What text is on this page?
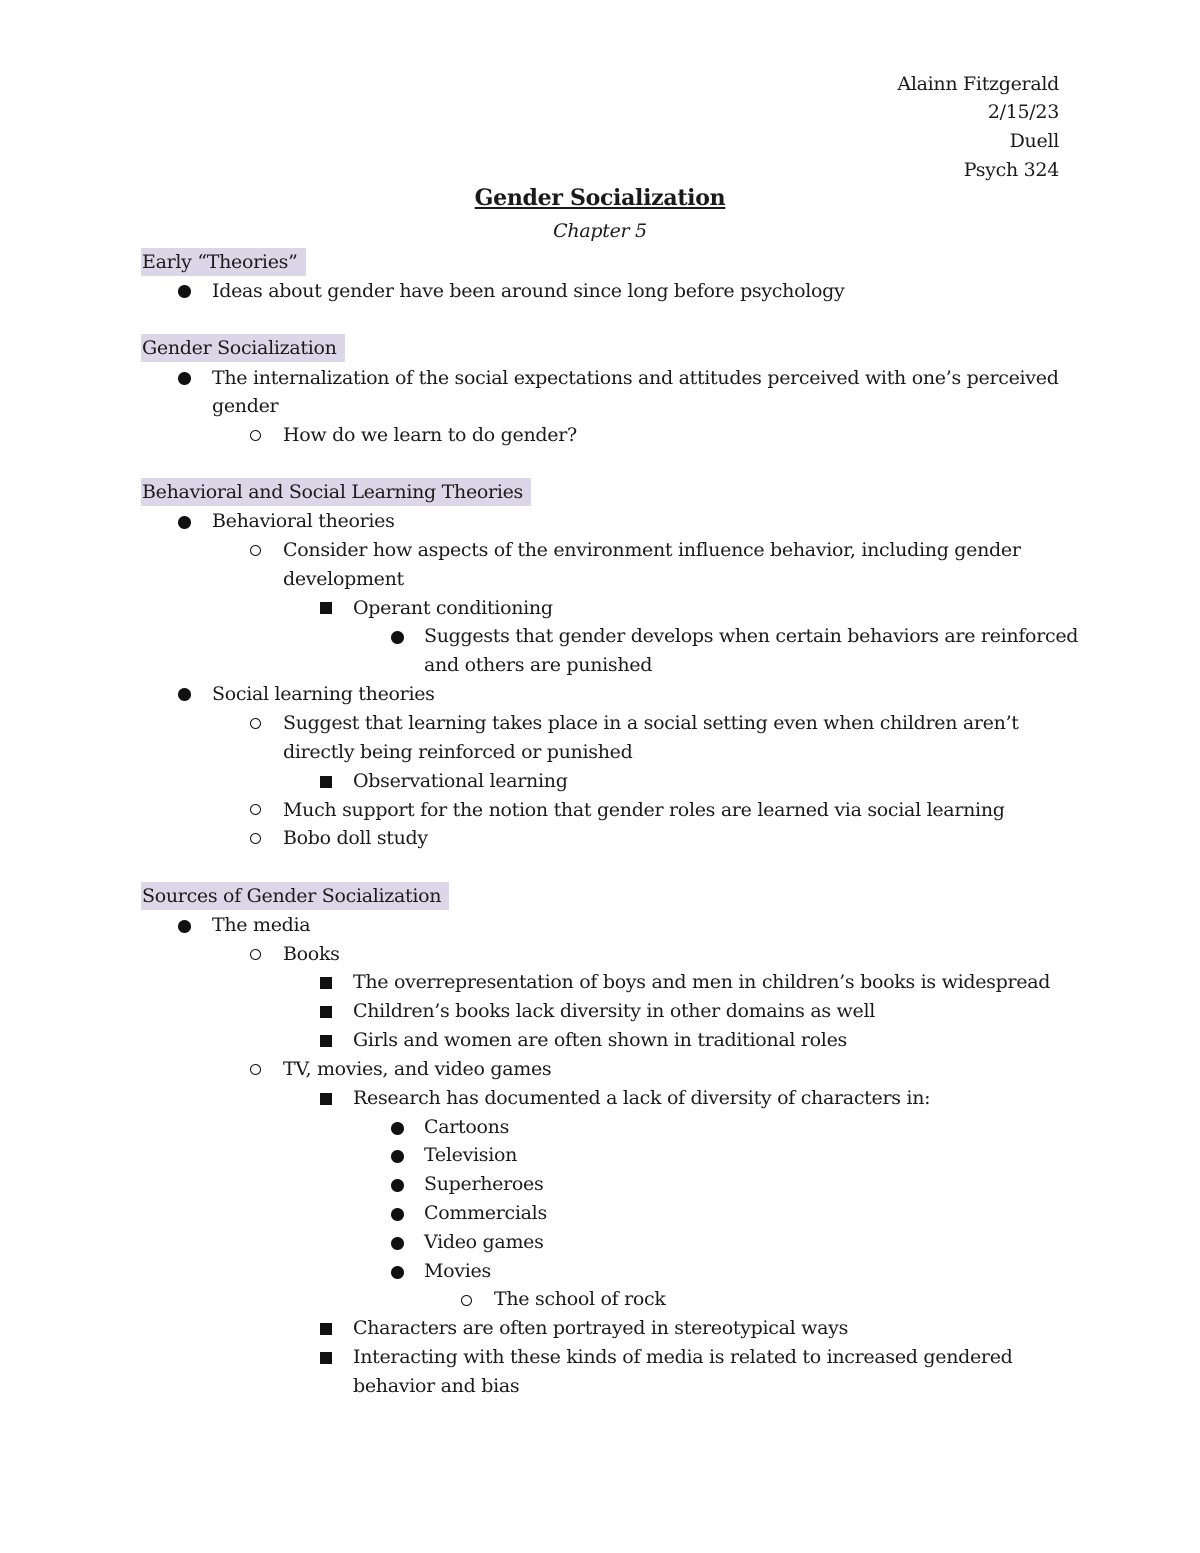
Alainn Fitzgerald
2/15/23
Duell
Psych 324
Gender Socialization
Chapter 5
Early “Theories”
Ideas about gender have been around since long before psychology
Gender Socialization
The internalization of the social expectations and attitudes perceived with one’s perceived
gender
How do we learn to do gender?
Behavioral and Social Learning Theories
Behavioral theories
Consider how aspects of the environment influence behavior, including gender
development
Operant conditioning
Suggests that gender develops when certain behaviors are reinforced
and others are punished
Social learning theories
Suggest that learning takes place in a social setting even when children aren’t
directly being reinforced or punished
Observational learning
Much support for the notion that gender roles are learned via social learning
Bobo doll study
Sources of Gender Socialization
The media
Books
The overrepresentation of boys and men in children’s books is widespread
Children’s books lack diversity in other domains as well
Girls and women are often shown in traditional roles
TV, movies, and video games
Research has documented a lack of diversity of characters in:
Cartoons
Television
Superheroes
Commercials
Video games
Movies
The school of rock
Characters are often portrayed in stereotypical ways
Interacting with these kinds of media is related to increased gendered
behavior and bias
